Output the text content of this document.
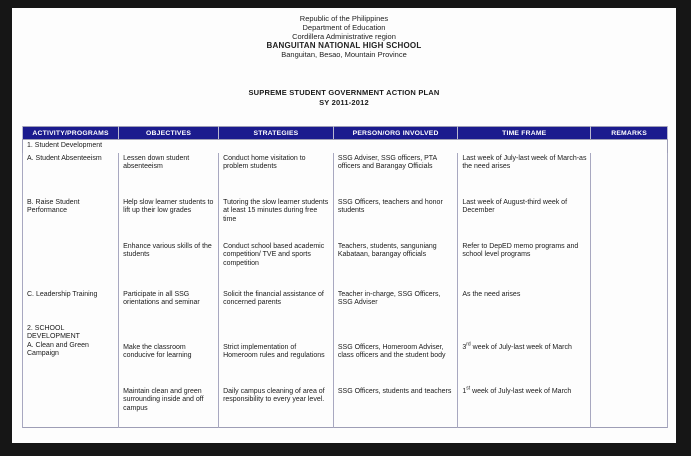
Republic of the Philippines
Department of Education
Cordillera Administrative region
BANGUITAN NATIONAL HIGH SCHOOL
Banguitan, Besao, Mountain Province
SUPREME STUDENT GOVERNMENT ACTION PLAN
SY 2011-2012
ACTIVITY/PROGRAMS	OBJECTIVES	STRATEGIES	PERSON/ORG INVOLVED	TIME FRAME	REMARKS
1. Student Development					
A. Student Absenteeism	Lessen down student absenteeism	Conduct home visitation to problem students	SSG Adviser, SSG officers, PTA officers and Barangay Officials	Last week of July-last week of March-as the need arises	
B. Raise Student Performance	Help slow learner students to lift up their low grades	Tutoring the slow learner students at least 15 minutes during free time	SSG Officers, teachers and honor students	Last week of August-third week of December	
	Enhance various skills of the students	Conduct school based academic competition/ TVE and sports competition	Teachers, students, sanguniang Kabataan, barangay officials	Refer to DepED memo programs and school level programs	
C. Leadership Training	Participate in all SSG orientations and seminar	Solicit the financial assistance of concerned parents	Teacher in-charge, SSG Officers, SSG Adviser	As the need arises	

2. SCHOOL
DEVELOPMENT
A. Clean and Green Campaign	Make the classroom conducive for learning	Strict implementation of Homeroom rules and regulations	SSG Officers, Homeroom Adviser, class officers and the student body	3rd week of July-last week of March	
	Maintain clean and green surrounding inside and off campus	Daily campus cleaning of area of responsibility to every year level.	SSG Officers, students and teachers	1st week of July-last week of March	
